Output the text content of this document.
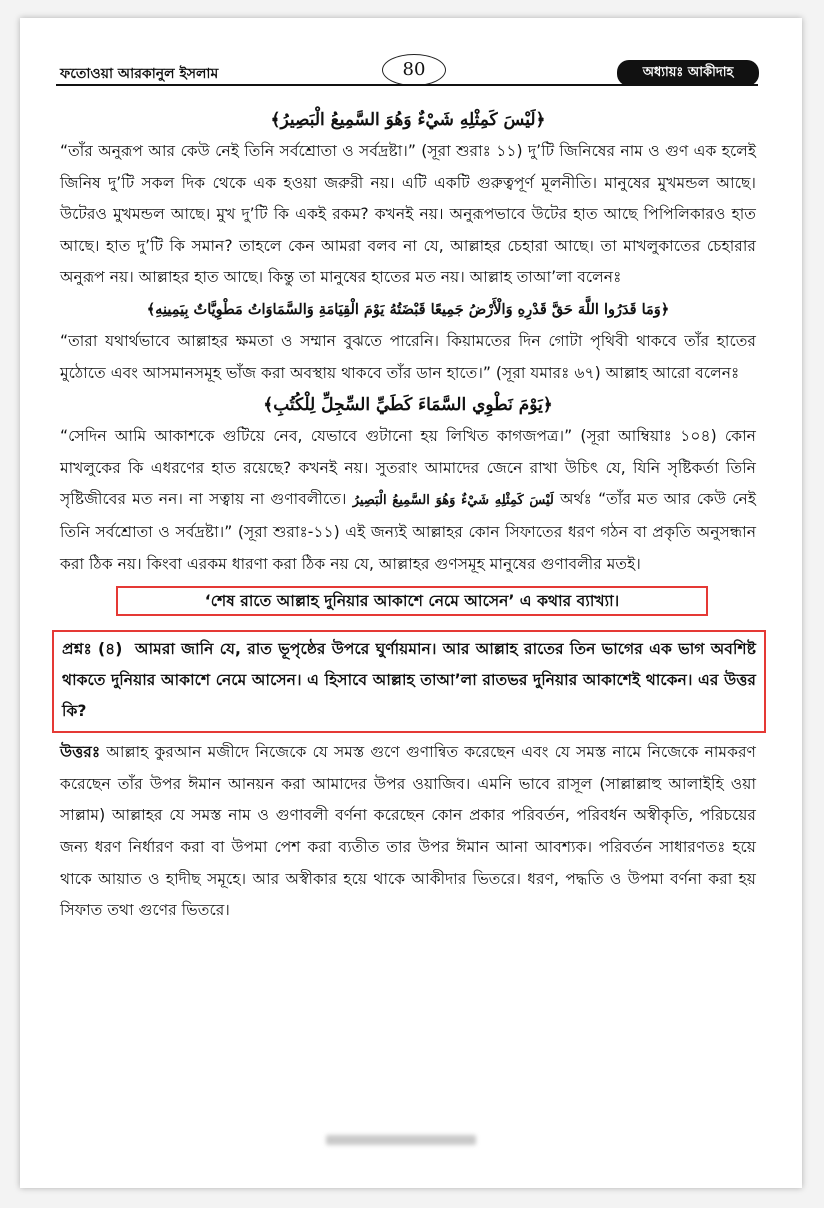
ফতোওয়া আরকানুল ইসলাম	80	অধ্যায়ঃ আকীদাহ
﴿لَيْسَ كَمِثْلِهِ شَيْءٌ وَهُوَ السَّمِيعُ الْبَصِيرُ﴾

“তাঁর অনুরূপ আর কেউ নেই তিনি সর্বশ্রোতা ও সর্বদ্রষ্টা।” (সূরা শুরাঃ ১১) দু’টি জিনিষের নাম ও গুণ এক হলেই জিনিষ দু’টি সকল দিক থেকে এক হওয়া জরুরী নয়। এটি একটি গুরুত্বপূর্ণ মূলনীতি। মানুষের মুখমন্ডল আছে। উটেরও মুখমন্ডল আছে। মুখ দু’টি কি একই রকম? কখনই নয়। অনুরূপভাবে উটের হাত আছে পিপিলিকারও হাত আছে। হাত দু’টি কি সমান? তাহলে কেন আমরা বলব না যে, আল্লাহর চেহারা আছে। তা মাখলুকাতের চেহারার অনুরূপ নয়। আল্লাহর হাত আছে। কিন্তু তা মানুষের হাতের মত নয়। আল্লাহ তাআ’লা বলেনঃ

﴿وَمَا قَدَرُوا اللَّهَ حَقَّ قَدْرِهِ وَالْأَرْضُ جَمِيعًا قَبْضَتُهُ يَوْمَ الْقِيَامَةِ وَالسَّمَاوَاتُ مَطْوِيَّاتٌ بِيَمِينِهِ﴾

“তারা যথার্থভাবে আল্লাহর ক্ষমতা ও সম্মান বুঝতে পারেনি। কিয়ামতের দিন গোটা পৃথিবী থাকবে তাঁর হাতের মুঠোতে এবং আসমানসমূহ ভাঁজ করা অবস্থায় থাকবে তাঁর ডান হাতে।” (সূরা যমারঃ ৬৭) আল্লাহ আরো বলেনঃ

﴿يَوْمَ نَطْوِي السَّمَاءَ كَطَيِّ السِّجِلِّ لِلْكُتُبِ﴾

“সেদিন আমি আকাশকে গুটিয়ে নেব, যেভাবে গুটানো হয় লিখিত কাগজপত্র।” (সূরা আম্বিয়াঃ ১০৪) কোন মাখলুকের কি এধরণের হাত রয়েছে? কখনই নয়। সুতরাং আমাদের জেনে রাখা উচিৎ যে, যিনি সৃষ্টিকর্তা তিনি সৃষ্টিজীবের মত নন। না সত্বায় না গুণাবলীতে। لَيْسَ كَمِثْلِهِ شَيْءٌ وَهُوَ السَّمِيعُ الْبَصِيرُ অর্থঃ “তাঁর মত আর কেউ নেই তিনি সর্বশ্রোতা ও সর্বদ্রষ্টা।” (সূরা শুরাঃ-১১) এই জন্যই আল্লাহর কোন সিফাতের ধরণ গঠন বা প্রকৃতি অনুসন্ধান করা ঠিক নয়। কিংবা এরকম ধারণা করা ঠিক নয় যে, আল্লাহর গুণসমূহ মানুষের গুণাবলীর মতই।

‘শেষ রাতে আল্লাহ দুনিয়ার আকাশে নেমে আসেন’ এ কথার ব্যাখ্যা।
প্রশ্নঃ (৪) আমরা জানি যে, রাত ভূপৃষ্ঠের উপরে ঘুর্ণায়মান। আর আল্লাহ রাতের তিন ভাগের এক ভাগ অবশিষ্ট থাকতে দুনিয়ার আকাশে নেমে আসেন। এ হিসাবে আল্লাহ তাআ’লা রাতভর দুনিয়ার আকাশেই থাকেন। এর উত্তর কি?

উত্তরঃ আল্লাহ কুরআন মজীদে নিজেকে যে সমস্ত গুণে গুণান্বিত করেছেন এবং যে সমস্ত নামে নিজেকে নামকরণ করেছেন তাঁর উপর ঈমান আনয়ন করা আমাদের উপর ওয়াজিব। এমনি ভাবে রাসূল (সাল্লাল্লাহু আলাইহি ওয়া সাল্লাম) আল্লাহর যে সমস্ত নাম ও গুণাবলী বর্ণনা করেছেন কোন প্রকার পরিবর্তন, পরিবর্ধন অস্বীকৃতি, পরিচয়ের জন্য ধরণ নির্ধারণ করা বা উপমা পেশ করা ব্যতীত তার উপর ঈমান আনা আবশ্যক। পরিবর্তন সাধারণতঃ হয়ে থাকে আয়াত ও হাদীছ সমূহে। আর অস্বীকার হয়ে থাকে আকীদার ভিতরে। ধরণ, পদ্ধতি ও উপমা বর্ণনা করা হয় সিফাত তথা গুণের ভিতরে।
